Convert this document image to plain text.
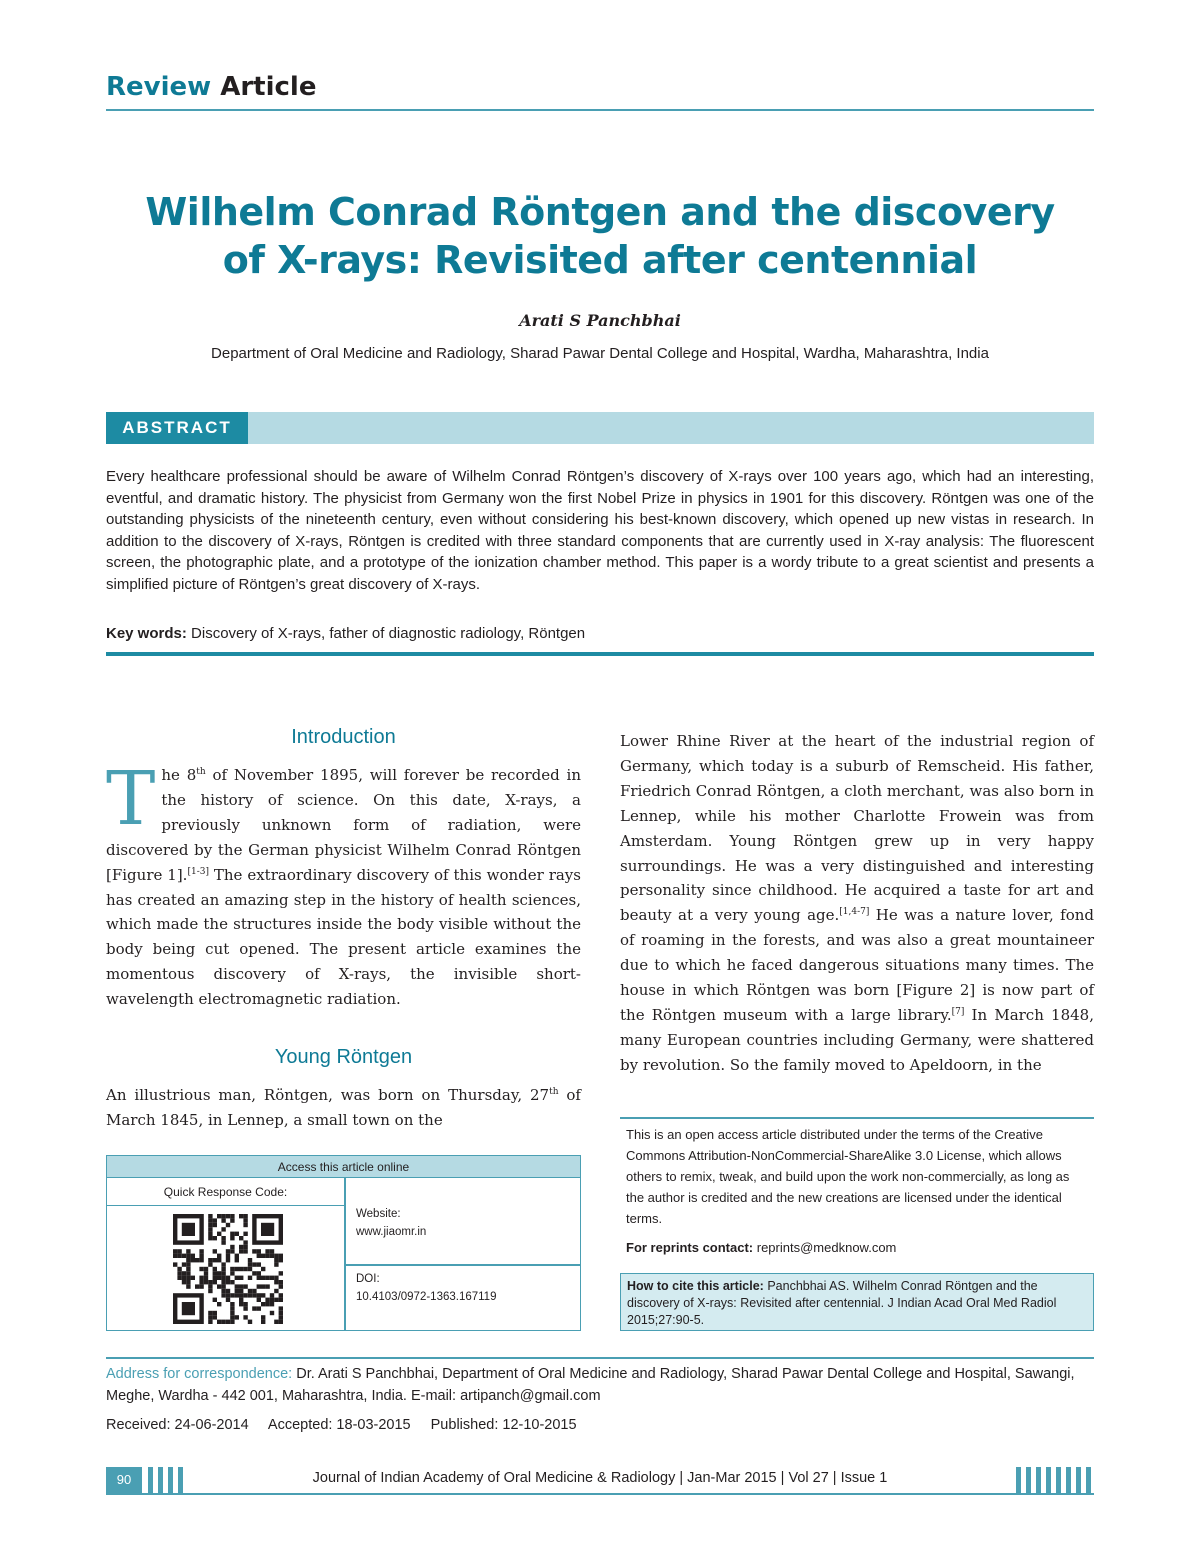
Review Article
Wilhelm Conrad Röntgen and the discovery
of X-rays: Revisited after centennial
Arati S Panchbhai
Department of Oral Medicine and Radiology, Sharad Pawar Dental College and Hospital, Wardha, Maharashtra, India
ABSTRACT
Every healthcare professional should be aware of Wilhelm Conrad Röntgen’s discovery of X-rays over 100 years ago, which had an interesting, eventful, and dramatic history. The physicist from Germany won the first Nobel Prize in physics in 1901 for this discovery. Röntgen was one of the outstanding physicists of the nineteenth century, even without considering his best-known discovery, which opened up new vistas in research. In addition to the discovery of X-rays, Röntgen is credited with three standard components that are currently used in X-ray analysis: The fluorescent screen, the photographic plate, and a prototype of the ionization chamber method. This paper is a wordy tribute to a great scientist and presents a simplified picture of Röntgen’s great discovery of X-rays.
Key words: Discovery of X-rays, father of diagnostic radiology, Röntgen
Introduction
The 8th of November 1895, will forever be recorded in the history of science. On this date, X-rays, a previously unknown form of radiation, were discovered by the German physicist Wilhelm Conrad Röntgen [Figure 1].[1-3] The extraordinary discovery of this wonder rays has created an amazing step in the history of health sciences, which made the structures inside the body visible without the body being cut opened. The present article examines the momentous discovery of X-rays, the invisible short-wavelength electromagnetic radiation.
Young Röntgen
An illustrious man, Röntgen, was born on Thursday, 27th of March 1845, in Lennep, a small town on the
Lower Rhine River at the heart of the industrial region of Germany, which today is a suburb of Remscheid. His father, Friedrich Conrad Röntgen, a cloth merchant, was also born in Lennep, while his mother Charlotte Frowein was from Amsterdam. Young Röntgen grew up in very happy surroundings. He was a very distinguished and interesting personality since childhood. He acquired a taste for art and beauty at a very young age.[1,4-7] He was a nature lover, fond of roaming in the forests, and was also a great mountaineer due to which he faced dangerous situations many times. The house in which Röntgen was born [Figure 2] is now part of the Röntgen museum with a large library.[7] In March 1848, many European countries including Germany, were shattered by revolution. So the family moved to Apeldoorn, in the
Access this article online
Quick Response Code:
Website:
www.jiaomr.in
DOI:
10.4103/0972-1363.167119
This is an open access article distributed under the terms of the Creative Commons Attribution-NonCommercial-ShareAlike 3.0 License, which allows others to remix, tweak, and build upon the work non-commercially, as long as the author is credited and the new creations are licensed under the identical terms.
For reprints contact: reprints@medknow.com
How to cite this article: Panchbhai AS. Wilhelm Conrad Röntgen and the discovery of X-rays: Revisited after centennial. J Indian Acad Oral Med Radiol 2015;27:90-5.
Address for correspondence: Dr. Arati S Panchbhai, Department of Oral Medicine and Radiology, Sharad Pawar Dental College and Hospital, Sawangi, Meghe, Wardha - 442 001, Maharashtra, India. E-mail: artipanch@gmail.com
Received: 24-06-2014 Accepted: 18-03-2015 Published: 12-10-2015
90	Journal of Indian Academy of Oral Medicine & Radiology | Jan-Mar 2015 | Vol 27 | Issue 1
